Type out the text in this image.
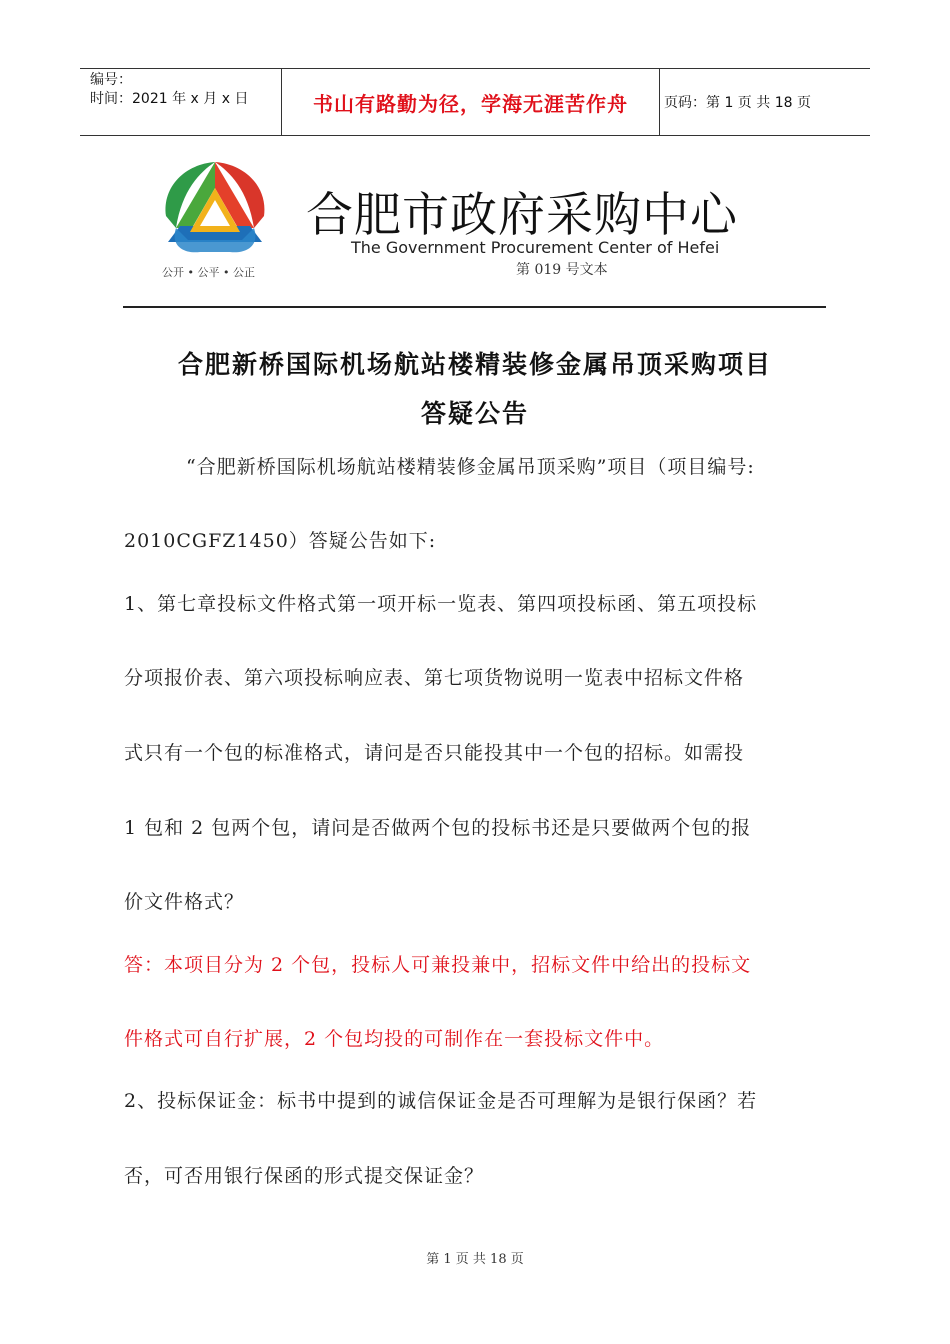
编号：
时间：2021 年 x 月 x 日	书山有路勤为径，学海无涯苦作舟	页码：第 1 页 共 18 页
公开 • 公平 • 公正
合肥市政府采购中心
The Government Procurement Center of Hefei
第 019 号文本
合肥新桥国际机场航站楼精装修金属吊顶采购项目
答疑公告
“合肥新桥国际机场航站楼精装修金属吊顶采购”项目（项目编号:
2010CGFZ1450）答疑公告如下:
1、第七章投标文件格式第一项开标一览表、第四项投标函、第五项投标
分项报价表、第六项投标响应表、第七项货物说明一览表中招标文件格
式只有一个包的标准格式，请问是否只能投其中一个包的招标。如需投
1 包和 2 包两个包，请问是否做两个包的投标书还是只要做两个包的报
价文件格式？
答：本项目分为 2 个包，投标人可兼投兼中，招标文件中给出的投标文
件格式可自行扩展，2 个包均投的可制作在一套投标文件中。
2、投标保证金：标书中提到的诚信保证金是否可理解为是银行保函？若
否，可否用银行保函的形式提交保证金？
第 1 页 共 18 页
